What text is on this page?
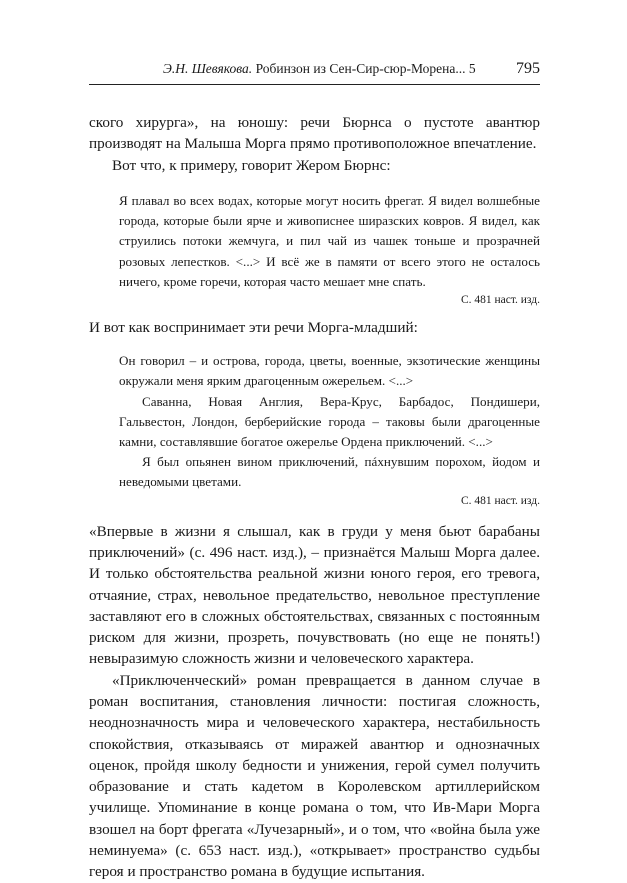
Э.Н. Шевякова. Робинзон из Сен-Сир-сюр-Морена... 5	795

ского хирурга», на юношу: речи Бюрнса о пустоте авантюр производят на Малыша Морга прямо противоположное впечатление.

Вот что, к примеру, говорит Жером Бюрнс:

Я плавал во всех водах, которые могут носить фрегат. Я видел волшебные города, которые были ярче и живописнее ширазских ковров. Я видел, как струились потоки жемчуга, и пил чай из чашек тоньше и прозрачней розовых лепестков. <...> И всё же в памяти от всего этого не осталось ничего, кроме горечи, которая часто мешает мне спать.

С. 481 наст. изд.

И вот как воспринимает эти речи Морга-младший:

Он говорил – и острова, города, цветы, военные, экзотические женщины окружали меня ярким драгоценным ожерельем. <...>

Саванна, Новая Англия, Вера-Крус, Барбадос, Пондишери, Гальвестон, Лондон, берберийские города – таковы были драгоценные камни, составлявшие богатое ожерелье Ордена приключений. <...>

Я был опьянен вином приключений, пáхнувшим порохом, йодом и неведомыми цветами.

С. 481 наст. изд.

«Впервые в жизни я слышал, как в груди у меня бьют барабаны приключений» (с. 496 наст. изд.), – признаётся Малыш Морга далее. И только обстоятельства реальной жизни юного героя, его тревога, отчаяние, страх, невольное предательство, невольное преступление заставляют его в сложных обстоятельствах, связанных с постоянным риском для жизни, прозреть, почувствовать (но еще не понять!) невыразимую сложность жизни и человеческого характера.

«Приключенческий» роман превращается в данном случае в роман воспитания, становления личности: постигая сложность, неоднозначность мира и человеческого характера, нестабильность спокойствия, отказываясь от миражей авантюр и однозначных оценок, пройдя школу бедности и унижения, герой сумел получить образование и стать кадетом в Королевском артиллерийском училище. Упоминание в конце романа о том, что Ив-Мари Морга взошел на борт фрегата «Лучезарный», и о том, что «война была уже неминуема» (с. 653 наст. изд.), «открывает» пространство судьбы героя и пространство романа в будущие испытания.
